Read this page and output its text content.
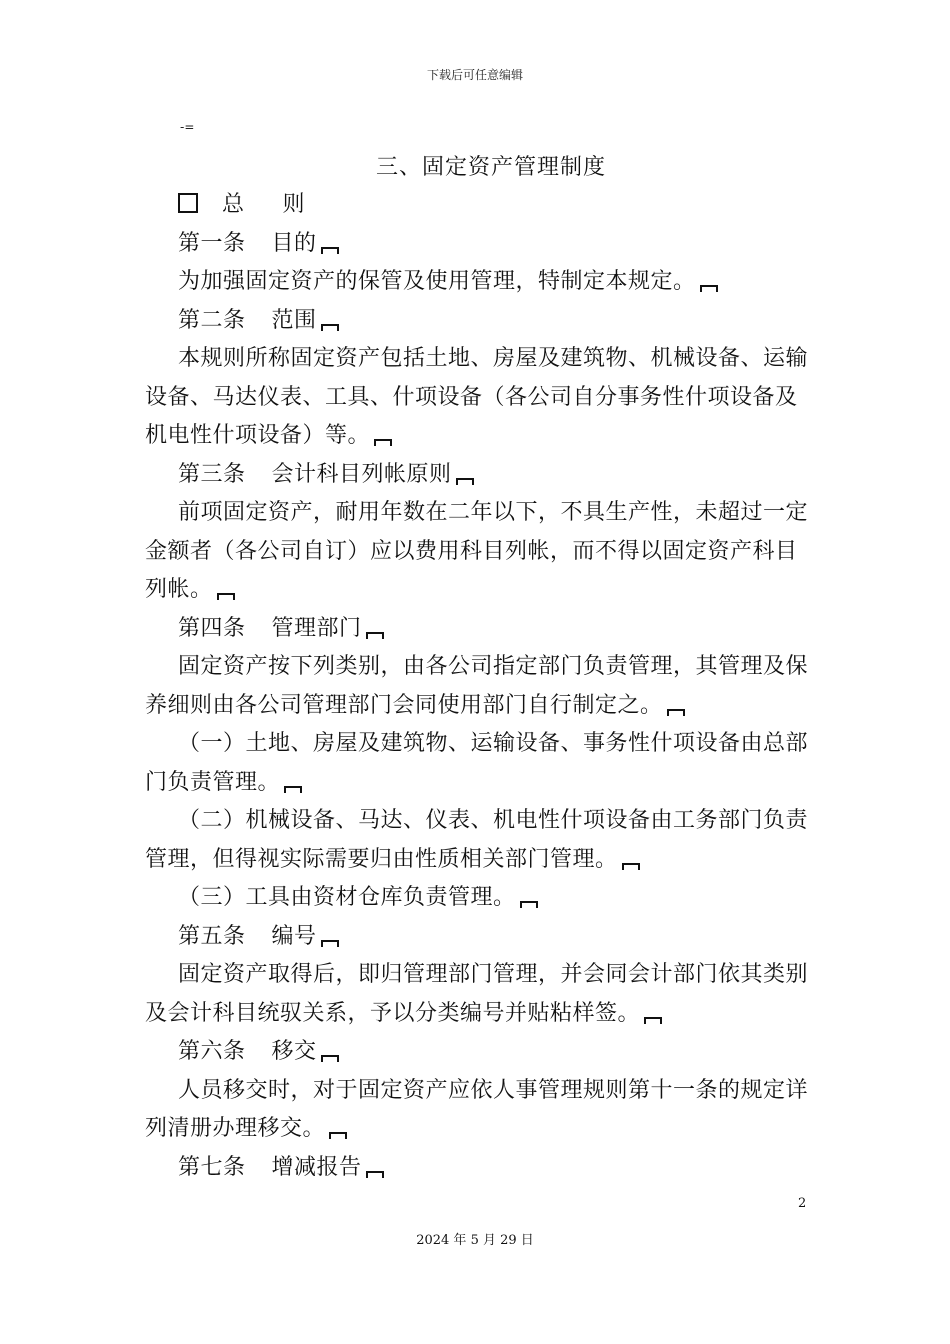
下载后可任意编辑
-=
三、固定资产管理制度

总 则

第一条 目的

为加强固定资产的保管及使用管理，特制定本规定。

第二条 范围

本规则所称固定资产包括土地、房屋及建筑物、机械设备、运输设备、马达仪表、工具、什项设备（各公司自分事务性什项设备及机电性什项设备）等。

第三条 会计科目列帐原则

前项固定资产，耐用年数在二年以下，不具生产性，未超过一定金额者（各公司自订）应以费用科目列帐，而不得以固定资产科目列帐。

第四条 管理部门

固定资产按下列类别，由各公司指定部门负责管理，其管理及保养细则由各公司管理部门会同使用部门自行制定之。

（一）土地、房屋及建筑物、运输设备、事务性什项设备由总部门负责管理。

（二）机械设备、马达、仪表、机电性什项设备由工务部门负责管理，但得视实际需要归由性质相关部门管理。

（三）工具由资材仓库负责管理。

第五条 编号

固定资产取得后，即归管理部门管理，并会同会计部门依其类别及会计科目统驭关系，予以分类编号并贴粘样签。

第六条 移交

人员移交时，对于固定资产应依人事管理规则第十一条的规定详列清册办理移交。

第七条 增减报告

2
2024 年 5 月 29 日
